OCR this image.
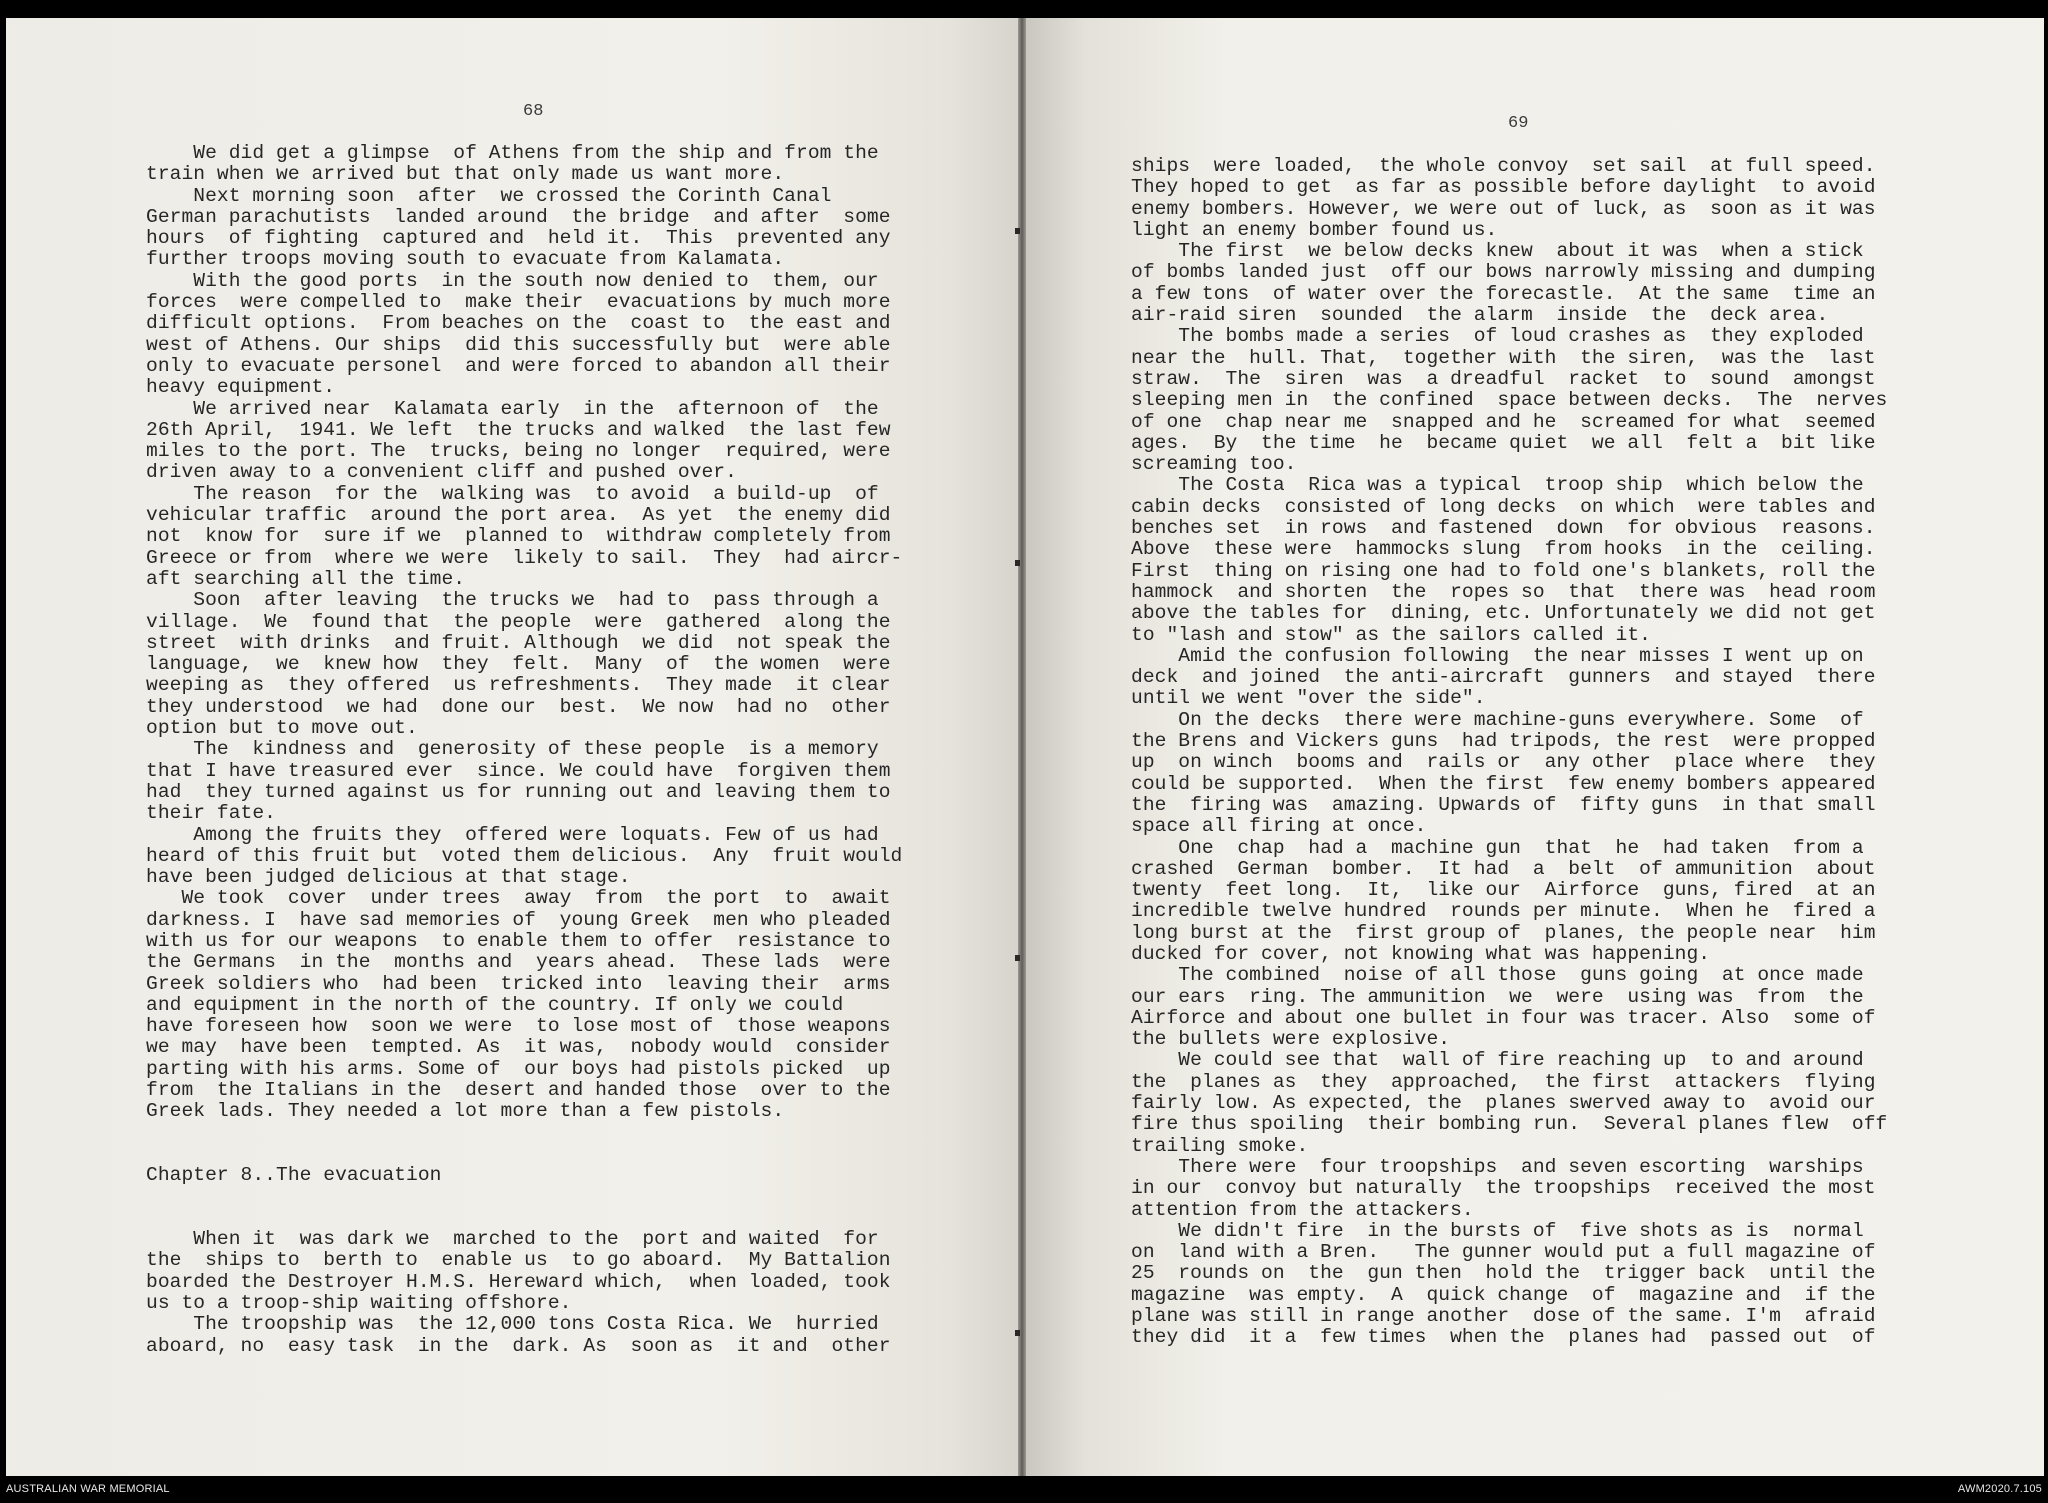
68
69
We did get a glimpse  of Athens from the ship and from the
train when we arrived but that only made us want more.
Next morning soon  after  we crossed the Corinth Canal
German parachutists  landed around  the bridge  and after  some
hours  of fighting  captured and  held it.  This  prevented any
further troops moving south to evacuate from Kalamata.
With the good ports  in the south now denied to  them, our
forces  were compelled to  make their  evacuations by much more
difficult options.  From beaches on the  coast to  the east and
west of Athens. Our ships  did this successfully but  were able
only to evacuate personel  and were forced to abandon all their
heavy equipment.
We arrived near  Kalamata early  in the  afternoon of  the
26th April,  1941. We left  the trucks and walked  the last few
miles to the port. The  trucks, being no longer  required, were
driven away to a convenient cliff and pushed over.
The reason  for the  walking was  to avoid  a build-up  of
vehicular traffic  around the port area.  As yet  the enemy did
not  know for  sure if we  planned to  withdraw completely from
Greece or from  where we were  likely to sail.  They  had aircr-
aft searching all the time.
Soon  after leaving  the trucks we  had to  pass through a
village.  We  found that  the people  were  gathered  along the
street  with drinks  and fruit. Although  we did  not speak the
language,  we  knew how  they  felt.  Many  of  the women  were
weeping as  they offered  us refreshments.  They made  it clear
they understood  we had  done our  best.  We now  had no  other
option but to move out.
The  kindness and  generosity of these people  is a memory
that I have treasured ever  since. We could have  forgiven them
had  they turned against us for running out and leaving them to
their fate.
Among the fruits they  offered were loquats. Few of us had
heard of this fruit but  voted them delicious.  Any  fruit would
have been judged delicious at that stage.
We took  cover  under trees  away  from  the port  to  await
darkness. I  have sad memories of  young Greek  men who pleaded
with us for our weapons  to enable them to offer  resistance to
the Germans  in the  months and  years ahead.  These lads  were
Greek soldiers who  had been  tricked into  leaving their  arms
and equipment in the north of the country. If only we could
have foreseen how  soon we were  to lose most of  those weapons
we may  have been  tempted. As  it was,  nobody would  consider
parting with his arms. Some of  our boys had pistols picked  up
from  the Italians in the  desert and handed those  over to the
Greek lads. They needed a lot more than a few pistols.
Chapter 8..The evacuation
When it  was dark we  marched to the  port and waited  for
the  ships to  berth to  enable us  to go aboard.  My Battalion
boarded the Destroyer H.M.S. Hereward which,  when loaded, took
us to a troop-ship waiting offshore.
The troopship was  the 12,000 tons Costa Rica. We  hurried
aboard, no  easy task  in the  dark. As  soon as  it and  other
ships  were loaded,  the whole convoy  set sail  at full speed.
They hoped to get  as far as possible before daylight  to avoid
enemy bombers. However, we were out of luck, as  soon as it was
light an enemy bomber found us.
The first  we below decks knew  about it was  when a stick
of bombs landed just  off our bows narrowly missing and dumping
a few tons  of water over the forecastle.  At the same  time an
air-raid siren  sounded  the alarm  inside  the  deck area.
The bombs made a series  of loud crashes as  they exploded
near the  hull. That,  together with  the siren,  was the  last
straw.  The  siren  was  a dreadful  racket  to  sound  amongst
sleeping men in  the confined  space between decks.  The  nerves
of one  chap near me  snapped and he  screamed for what  seemed
ages.  By  the time  he  became quiet  we all  felt a  bit like
screaming too.
The Costa  Rica was a typical  troop ship  which below the
cabin decks  consisted of long decks  on which  were tables and
benches set  in rows  and fastened  down  for obvious  reasons.
Above  these were  hammocks slung  from hooks  in the  ceiling.
First  thing on rising one had to fold one's blankets, roll the
hammock  and shorten  the  ropes so  that  there was  head room
above the tables for  dining, etc. Unfortunately we did not get
to "lash and stow" as the sailors called it.
Amid the confusion following  the near misses I went up on
deck  and joined  the anti-aircraft  gunners  and stayed  there
until we went "over the side".
On the decks  there were machine-guns everywhere. Some  of
the Brens and Vickers guns  had tripods, the rest  were propped
up  on winch  booms and  rails or  any other  place where  they
could be supported.  When the first  few enemy bombers appeared
the  firing was  amazing. Upwards of  fifty guns  in that small
space all firing at once.
One  chap  had a  machine gun  that  he  had taken  from a
crashed  German  bomber.  It had  a  belt  of ammunition  about
twenty  feet long.  It,  like our  Airforce  guns, fired  at an
incredible twelve hundred  rounds per minute.  When he  fired a
long burst at the  first group of  planes, the people near  him
ducked for cover, not knowing what was happening.
The combined  noise of all those  guns going  at once made
our ears  ring. The ammunition  we  were  using was  from  the
Airforce and about one bullet in four was tracer. Also  some of
the bullets were explosive.
We could see that  wall of fire reaching up  to and around
the  planes as  they  approached,  the first  attackers  flying
fairly low. As expected, the  planes swerved away to  avoid our
fire thus spoiling  their bombing run.  Several planes flew  off
trailing smoke.
There were  four troopships  and seven escorting  warships
in our  convoy but naturally  the troopships  received the most
attention from the attackers.
We didn't fire  in the bursts of  five shots as is  normal
on  land with a Bren.   The gunner would put a full magazine of
25  rounds on  the  gun then  hold the  trigger back  until the
magazine  was empty.  A  quick change  of  magazine and  if the
plane was still in range another  dose of the same. I'm  afraid
they did  it a  few times  when the  planes had  passed out  of
AUSTRALIAN WAR MEMORIAL	AWM2020.7.105
